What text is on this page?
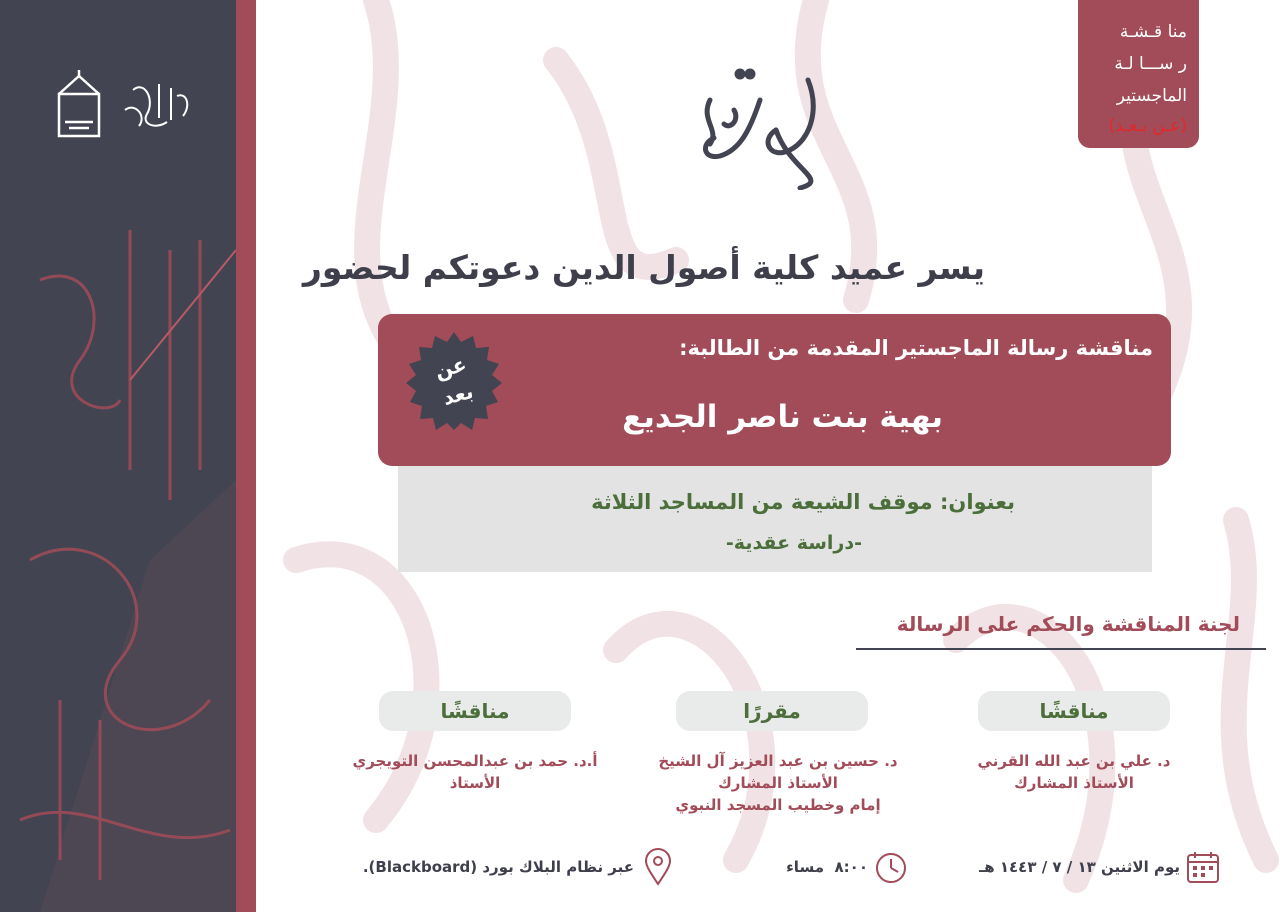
منا قـشـة
ر ســـا لـة
الماجستير
(عـن بـعـد)
يسر عميد كلية أصول الدين دعوتكم لحضور
مناقشة رسالة الماجستير المقدمة من الطالبة:
بهية بنت ناصر الجديع
عن
بعد
بعنوان: موقف الشيعة من المساجد الثلاثة
-دراسة عقدية-
لجنة المناقشة والحكم على الرسالة
مناقشًا
مقررًا
مناقشًا
د. علي بن عبد الله القرني
الأستاذ المشارك
د. حسين بن عبد العزيز آل الشيخ
الأستاذ المشارك
إمام وخطيب المسجد النبوي
أ.د. حمد بن عبدالمحسن التويجري
الأستاذ
يوم الاثنين ١٣ / ٧ / ١٤٤٣ هـ
٨:٠٠
مساء
عبر نظام البلاك بورد (Blackboard).
